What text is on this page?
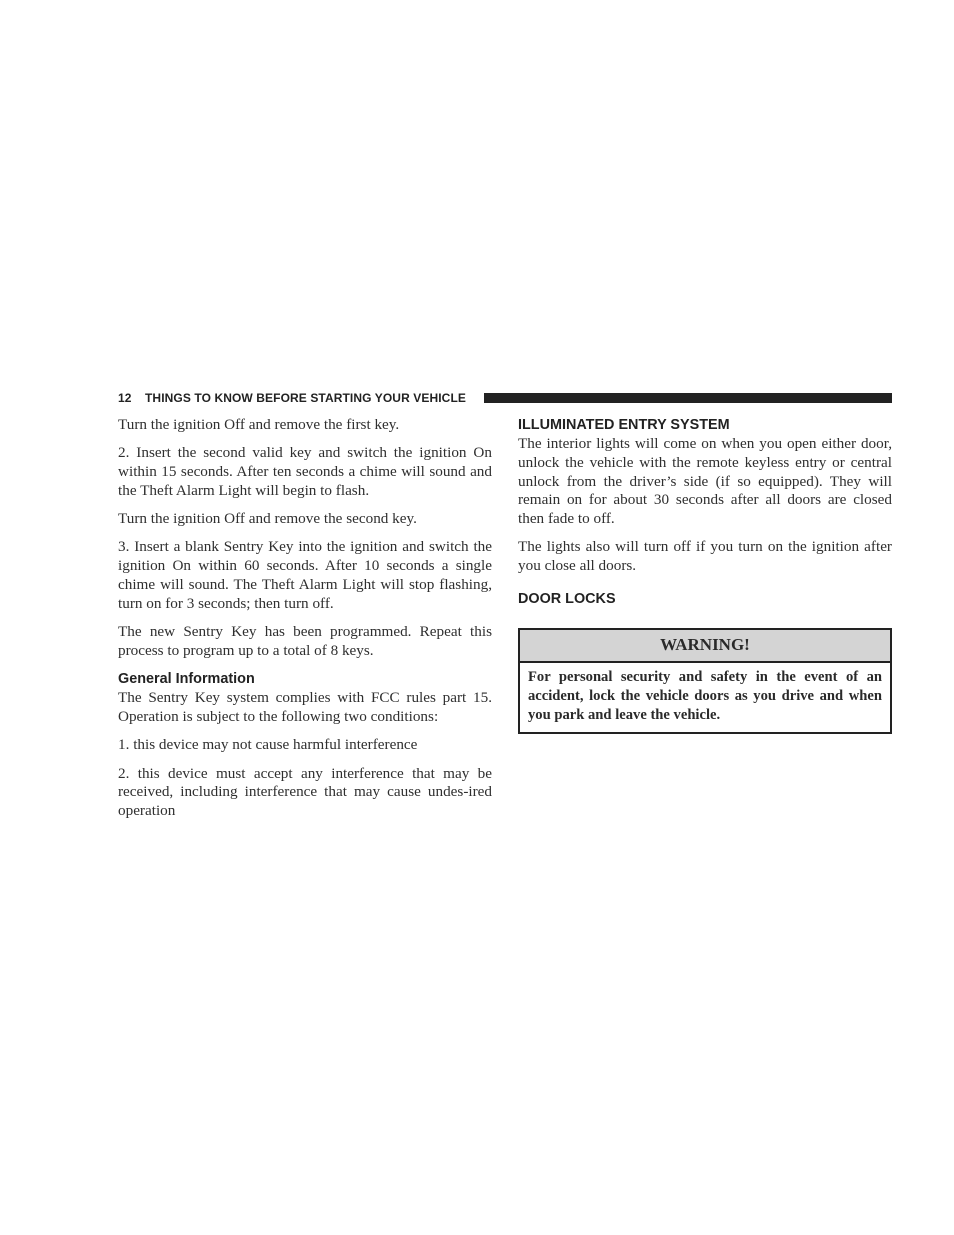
12 THINGS TO KNOW BEFORE STARTING YOUR VEHICLE

Turn the ignition Off and remove the first key.

2. Insert the second valid key and switch the ignition On within 15 seconds. After ten seconds a chime will sound and the Theft Alarm Light will begin to flash.

Turn the ignition Off and remove the second key.

3. Insert a blank Sentry Key into the ignition and switch the ignition On within 60 seconds. After 10 seconds a single chime will sound. The Theft Alarm Light will stop flashing, turn on for 3 seconds; then turn off.

The new Sentry Key has been programmed. Repeat this process to program up to a total of 8 keys.

General Information

The Sentry Key system complies with FCC rules part 15. Operation is subject to the following two conditions:

1. this device may not cause harmful interference

2. this device must accept any interference that may be received, including interference that may cause undes-ired operation

ILLUMINATED ENTRY SYSTEM

The interior lights will come on when you open either door, unlock the vehicle with the remote keyless entry or central unlock from the driver’s side (if so equipped). They will remain on for about 30 seconds after all doors are closed then fade to off.

The lights also will turn off if you turn on the ignition after you close all doors.

DOOR LOCKS
WARNING!
For personal security and safety in the event of an accident, lock the vehicle doors as you drive and when you park and leave the vehicle.
